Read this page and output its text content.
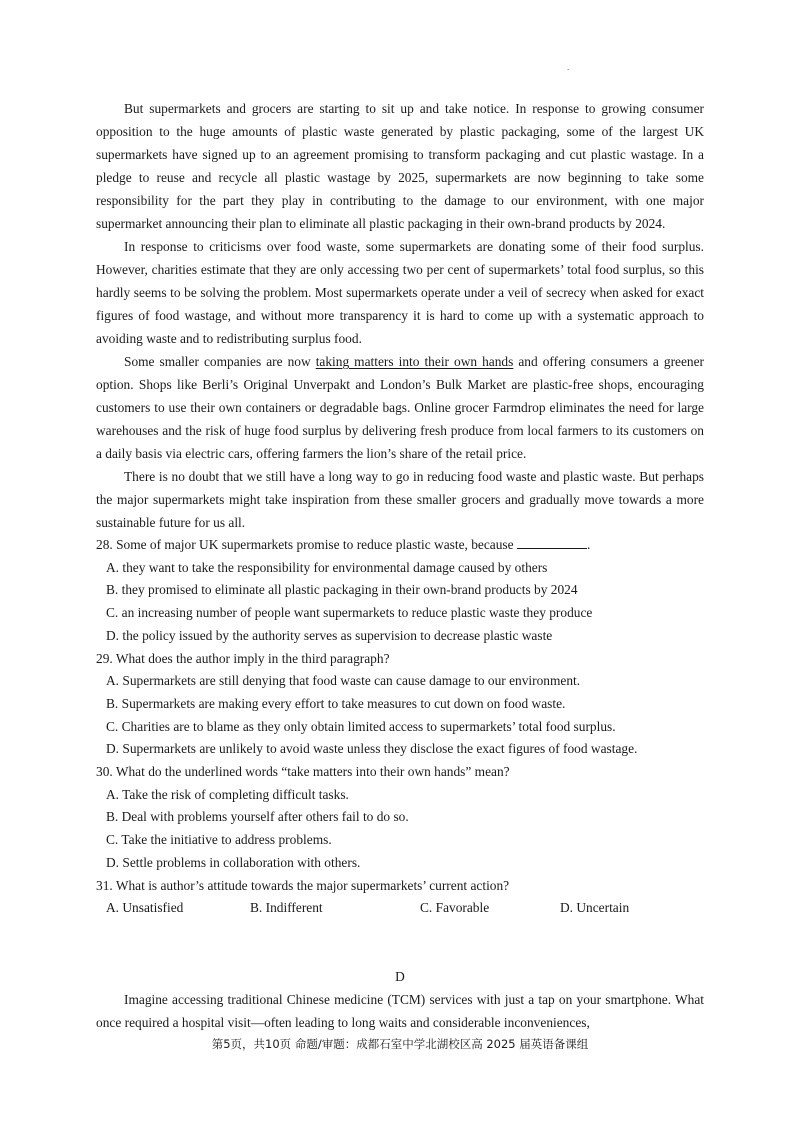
.

But supermarkets and grocers are starting to sit up and take notice. In response to growing consumer opposition to the huge amounts of plastic waste generated by plastic packaging, some of the largest UK supermarkets have signed up to an agreement promising to transform packaging and cut plastic wastage. In a pledge to reuse and recycle all plastic wastage by 2025, supermarkets are now beginning to take some responsibility for the part they play in contributing to the damage to our environment, with one major supermarket announcing their plan to eliminate all plastic packaging in their own-brand products by 2024.

In response to criticisms over food waste, some supermarkets are donating some of their food surplus. However, charities estimate that they are only accessing two per cent of supermarkets’ total food surplus, so this hardly seems to be solving the problem. Most supermarkets operate under a veil of secrecy when asked for exact figures of food wastage, and without more transparency it is hard to come up with a systematic approach to avoiding waste and to redistributing surplus food.

Some smaller companies are now taking matters into their own hands and offering consumers a greener option. Shops like Berli’s Original Unverpakt and London’s Bulk Market are plastic-free shops, encouraging customers to use their own containers or degradable bags. Online grocer Farmdrop eliminates the need for large warehouses and the risk of huge food surplus by delivering fresh produce from local farmers to its customers on a daily basis via electric cars, offering farmers the lion’s share of the retail price.

There is no doubt that we still have a long way to go in reducing food waste and plastic waste. But perhaps the major supermarkets might take inspiration from these smaller grocers and gradually move towards a more sustainable future for us all.

28. Some of major UK supermarkets promise to reduce plastic waste, because	.

A. they want to take the responsibility for environmental damage caused by others

B. they promised to eliminate all plastic packaging in their own-brand products by 2024

C. an increasing number of people want supermarkets to reduce plastic waste they produce

D. the policy issued by the authority serves as supervision to decrease plastic waste

29. What does the author imply in the third paragraph?

A. Supermarkets are still denying that food waste can cause damage to our environment.

B. Supermarkets are making every effort to take measures to cut down on food waste.

C. Charities are to blame as they only obtain limited access to supermarkets’ total food surplus.

D. Supermarkets are unlikely to avoid waste unless they disclose the exact figures of food wastage.

30. What do the underlined words “take matters into their own hands” mean?

A. Take the risk of completing difficult tasks.

B. Deal with problems yourself after others fail to do so.

C. Take the initiative to address problems.

D. Settle problems in collaboration with others.

31. What is author’s attitude towards the major supermarkets’ current action?

A. Unsatisfied	B. Indifferent	C. Favorable	D. Uncertain
D

Imagine accessing traditional Chinese medicine (TCM) services with just a tap on your smartphone. What once required a hospital visit—often leading to long waits and considerable inconveniences,

第5页，共10页 命题/审题：成都石室中学北湖校区高 2025 届英语备课组
